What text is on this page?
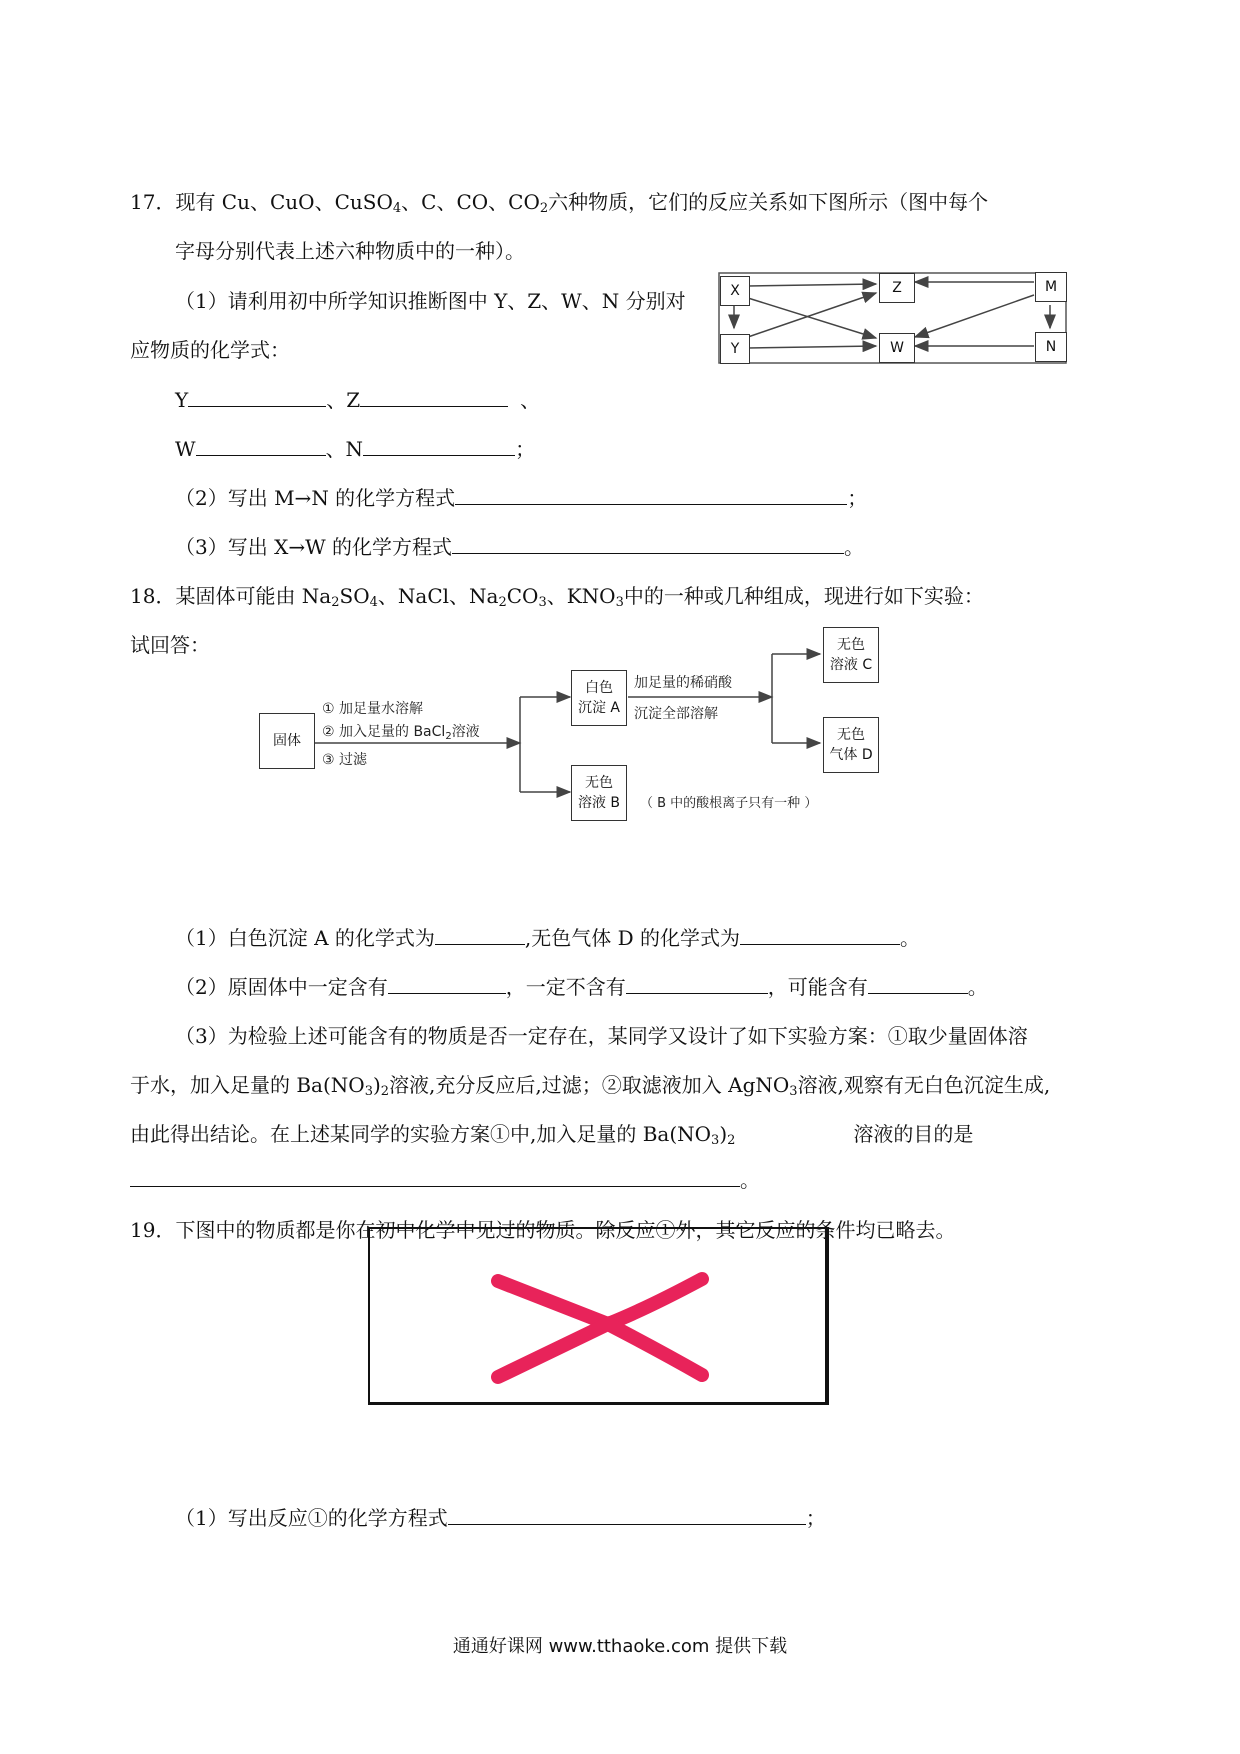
17．现有 Cu、CuO、CuSO$_4$、C、CO、$CO_2$六种物质，它们的反应关系如下图所示（图中每个
字母分别代表上述六种物质中的一种）。
（1）请利用初中所学知识推断图中 Y、Z、W、N 分别对
应物质的化学式：
Y	、Z	、
W	、N	；
（2）写出 M→N 的化学方程式	；
（3）写出 X→W 的化学方程式	。
X
Y
Z
W
M
N
18．某固体可能由 $Na_2SO_4$、NaCl、$Na_2CO_3$、$KNO_3$中的一种或几种组成，现进行如下实验：
试回答：
固体
白色
沉淀 A
无色
溶液 B
无色
溶液 C
无色
气体 D
① 加足量水溶解
② 加入足量的 BaCl$_2$溶液
③ 过滤
加足量的稀硝酸
沉淀全部溶解
（ B 中的酸根离子只有一种 ）
（1）白色沉淀 A 的化学式为	,无色气体 D 的化学式为	。
（2）原固体中一定含有	，一定不含有	，可能含有	。
（3）为检验上述可能含有的物质是否一定存在，某同学又设计了如下实验方案：①取少量固体溶
于水，加入足量的 $Ba(NO_3)_2$溶液,充分反应后,过滤；②取滤液加入 AgNO$_3$溶液,观察有无白色沉淀生成,
由此得出结论。在上述某同学的实验方案①中,加入足量的 $Ba(NO_3)_2$	溶液的目的是
。
19．下图中的物质都是你在初中化学中见过的物质。除反应①外，其它反应的条件均已略去。
（1）写出反应①的化学方程式	；
通通好课网 www.tthaoke.com 提供下载
